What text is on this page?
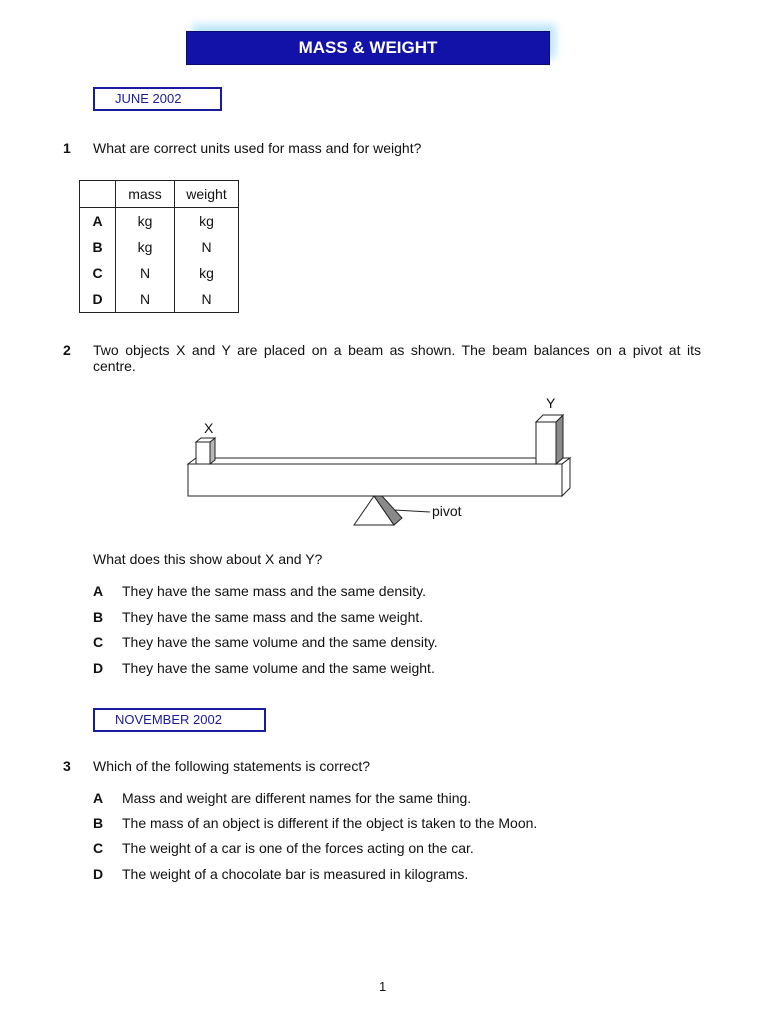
MASS & WEIGHT
JUNE 2002
1 What are correct units used for mass and for weight?
	mass	weight
A	kg	kg
B	kg	N
C	N	kg
D	N	N
2 Two objects X and Y are placed on a beam as shown. The beam balances on a pivot at its
centre.
X
Y
pivot
What does this show about X and Y?
A They have the same mass and the same density.
B They have the same mass and the same weight.
C They have the same volume and the same density.
D They have the same volume and the same weight.
NOVEMBER 2002
3 Which of the following statements is correct?
A Mass and weight are different names for the same thing.
B The mass of an object is different if the object is taken to the Moon.
C The weight of a car is one of the forces acting on the car.
D The weight of a chocolate bar is measured in kilograms.
1
